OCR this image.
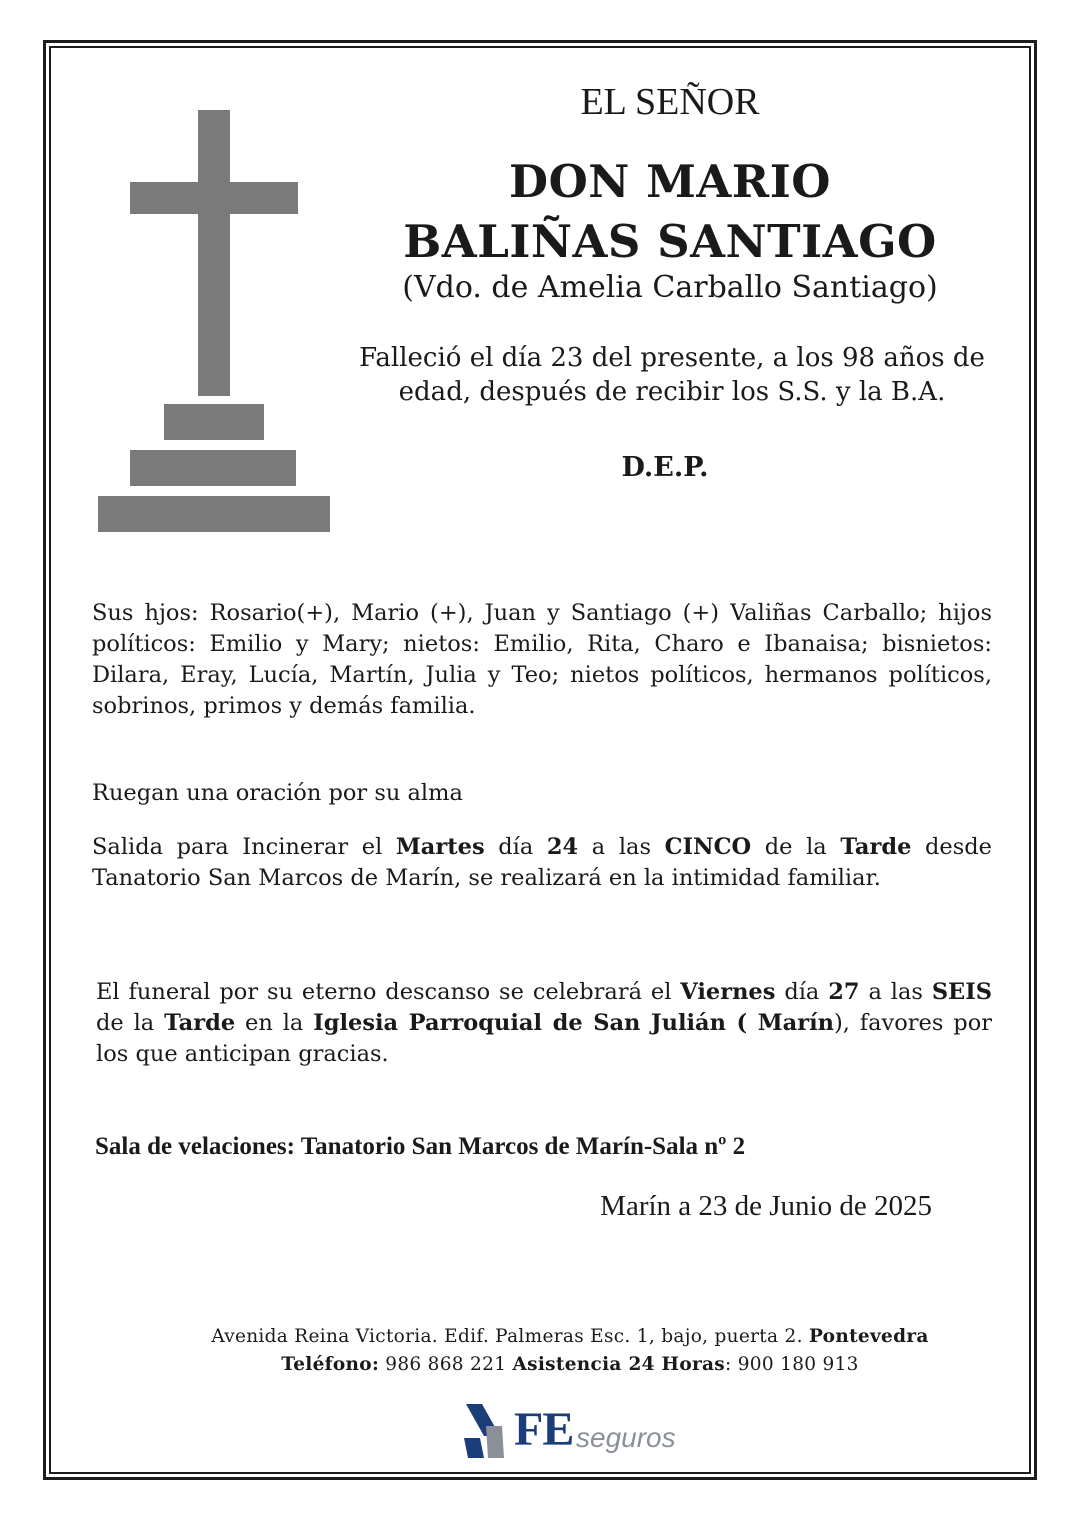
EL SEÑOR

DON MARIO

BALIÑAS SANTIAGO

(Vdo. de Amelia Carballo Santiago)

Falleció el día 23 del presente, a los 98 años de
edad, después de recibir los S.S. y la B.A.

D.E.P.

Sus hjos: Rosario(+), Mario (+), Juan y Santiago (+) Valiñas Carballo; hijos políticos: Emilio y Mary; nietos: Emilio, Rita, Charo e Ibanaisa; bisnietos: Dilara, Eray, Lucía, Martín, Julia y Teo; nietos políticos, hermanos políticos, sobrinos, primos y demás familia.

Ruegan una oración por su alma

Salida para Incinerar el Martes día 24 a las CINCO de la Tarde desde Tanatorio San Marcos de Marín, se realizará en la intimidad familiar.

El funeral por su eterno descanso se celebrará el Viernes día 27 a las SEIS de la Tarde en la Iglesia Parroquial de San Julián ( Marín), favores por los que anticipan gracias.

Sala de velaciones: Tanatorio San Marcos de Marín-Sala nº 2

Marín a 23 de Junio de 2025

Avenida Reina Victoria. Edif. Palmeras Esc. 1, bajo, puerta 2. Pontevedra
Teléfono: 986 868 221 Asistencia 24 Horas: 900 180 913
FE seguros
